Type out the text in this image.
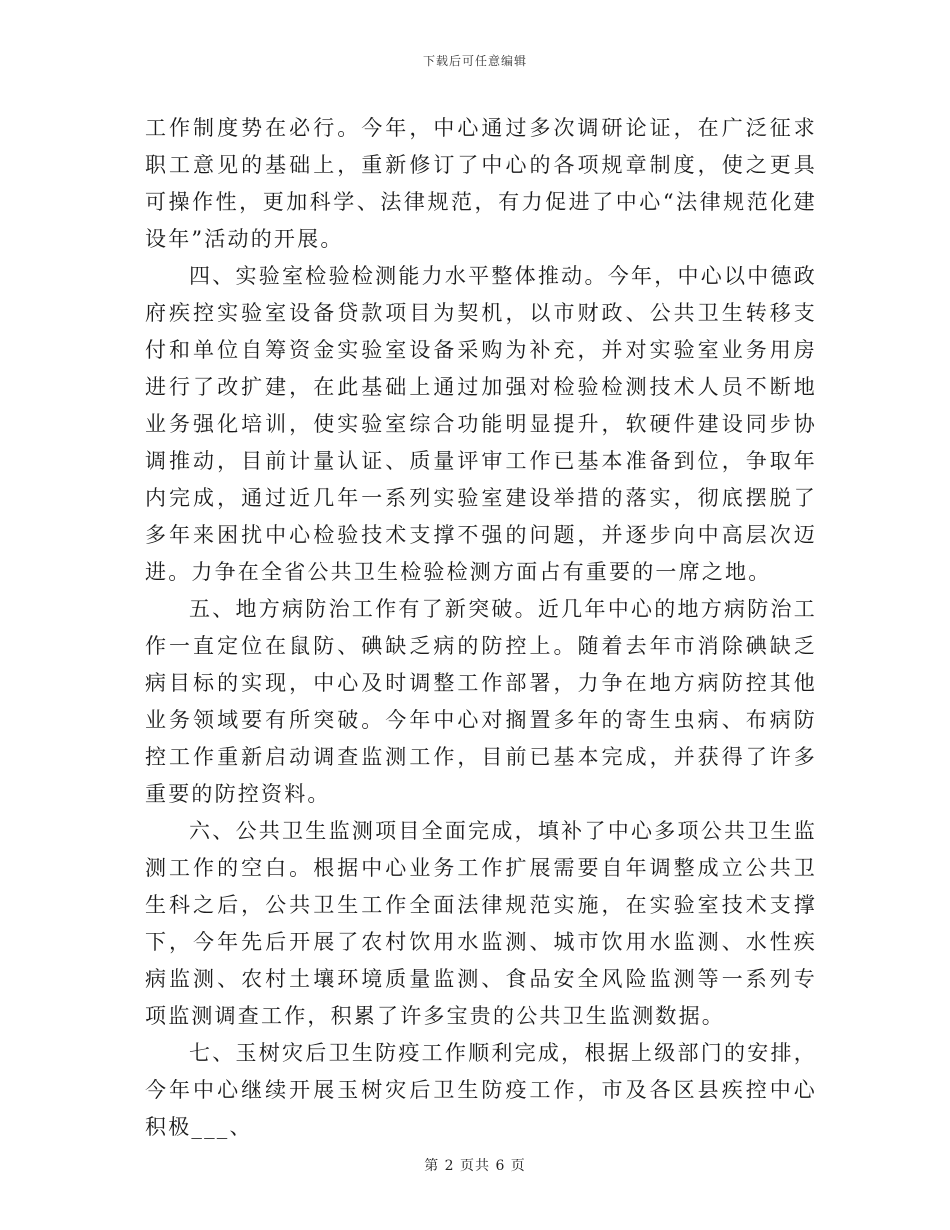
下载后可任意编辑

工作制度势在必行。今年，中心通过多次调研论证，在广泛征求职工意见的基础上，重新修订了中心的各项规章制度，使之更具可操作性，更加科学、法律规范，有力促进了中心“法律规范化建设年”活动的开展。

四、实验室检验检测能力水平整体推动。今年，中心以中德政府疾控实验室设备贷款项目为契机，以市财政、公共卫生转移支付和单位自筹资金实验室设备采购为补充，并对实验室业务用房进行了改扩建，在此基础上通过加强对检验检测技术人员不断地业务强化培训，使实验室综合功能明显提升，软硬件建设同步协调推动，目前计量认证、质量评审工作已基本准备到位，争取年内完成，通过近几年一系列实验室建设举措的落实，彻底摆脱了多年来困扰中心检验技术支撑不强的问题，并逐步向中高层次迈进。力争在全省公共卫生检验检测方面占有重要的一席之地。

五、地方病防治工作有了新突破。近几年中心的地方病防治工作一直定位在鼠防、碘缺乏病的防控上。随着去年市消除碘缺乏病目标的实现，中心及时调整工作部署，力争在地方病防控其他业务领域要有所突破。今年中心对搁置多年的寄生虫病、布病防控工作重新启动调查监测工作，目前已基本完成，并获得了许多重要的防控资料。

六、公共卫生监测项目全面完成，填补了中心多项公共卫生监测工作的空白。根据中心业务工作扩展需要自年调整成立公共卫生科之后，公共卫生工作全面法律规范实施，在实验室技术支撑下，今年先后开展了农村饮用水监测、城市饮用水监测、水性疾病监测、农村土壤环境质量监测、食品安全风险监测等一系列专项监测调查工作，积累了许多宝贵的公共卫生监测数据。

七、玉树灾后卫生防疫工作顺利完成，根据上级部门的安排，今年中心继续开展玉树灾后卫生防疫工作，市及各区县疾控中心积极___、

第 2 页共 6 页
